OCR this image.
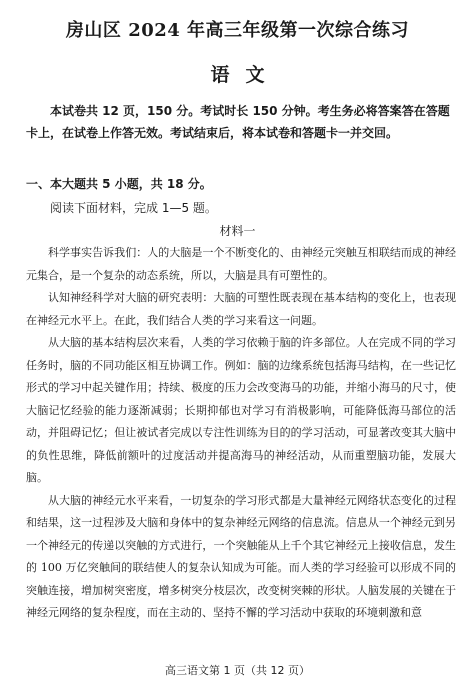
房山区 2024 年高三年级第一次综合练习
语文

本试卷共 12 页，150 分。考试时长 150 分钟。考生务必将答案答在答题卡上，在试卷上作答无效。考试结束后，将本试卷和答题卡一并交回。

一、本大题共 5 小题，共 18 分。

阅读下面材料，完成 1—5 题。

材料一

科学事实告诉我们：人的大脑是一个不断变化的、由神经元突触互相联结而成的神经元集合，是一个复杂的动态系统，所以，大脑是具有可塑性的。

认知神经科学对大脑的研究表明：大脑的可塑性既表现在基本结构的变化上，也表现在神经元水平上。在此，我们结合人类的学习来看这一问题。

从大脑的基本结构层次来看，人类的学习依赖于脑的许多部位。人在完成不同的学习任务时，脑的不同功能区相互协调工作。例如：脑的边缘系统包括海马结构，在一些记忆形式的学习中起关键作用；持续、极度的压力会改变海马的功能，并缩小海马的尺寸，使大脑记忆经验的能力逐渐减弱；长期抑郁也对学习有消极影响，可能降低海马部位的活动，并阻碍记忆；但让被试者完成以专注性训练为目的的学习活动，可显著改变其大脑中的负性思维，降低前额叶的过度活动并提高海马的神经活动，从而重塑脑功能，发展大脑。

从大脑的神经元水平来看，一切复杂的学习形式都是大量神经元网络状态变化的过程和结果，这一过程涉及大脑和身体中的复杂神经元网络的信息流。信息从一个神经元到另一个神经元的传递以突触的方式进行，一个突触能从上千个其它神经元上接收信息，发生的 100 万亿突触间的联结使人的复杂认知成为可能。而人类的学习经验可以形成不同的突触连接，增加树突密度，增多树突分枝层次，改变树突棘的形状。人脑发展的关键在于神经元网络的复杂程度，而在主动的、坚持不懈的学习活动中获取的环境刺激和意

高三语文第 1 页（共 12 页）
